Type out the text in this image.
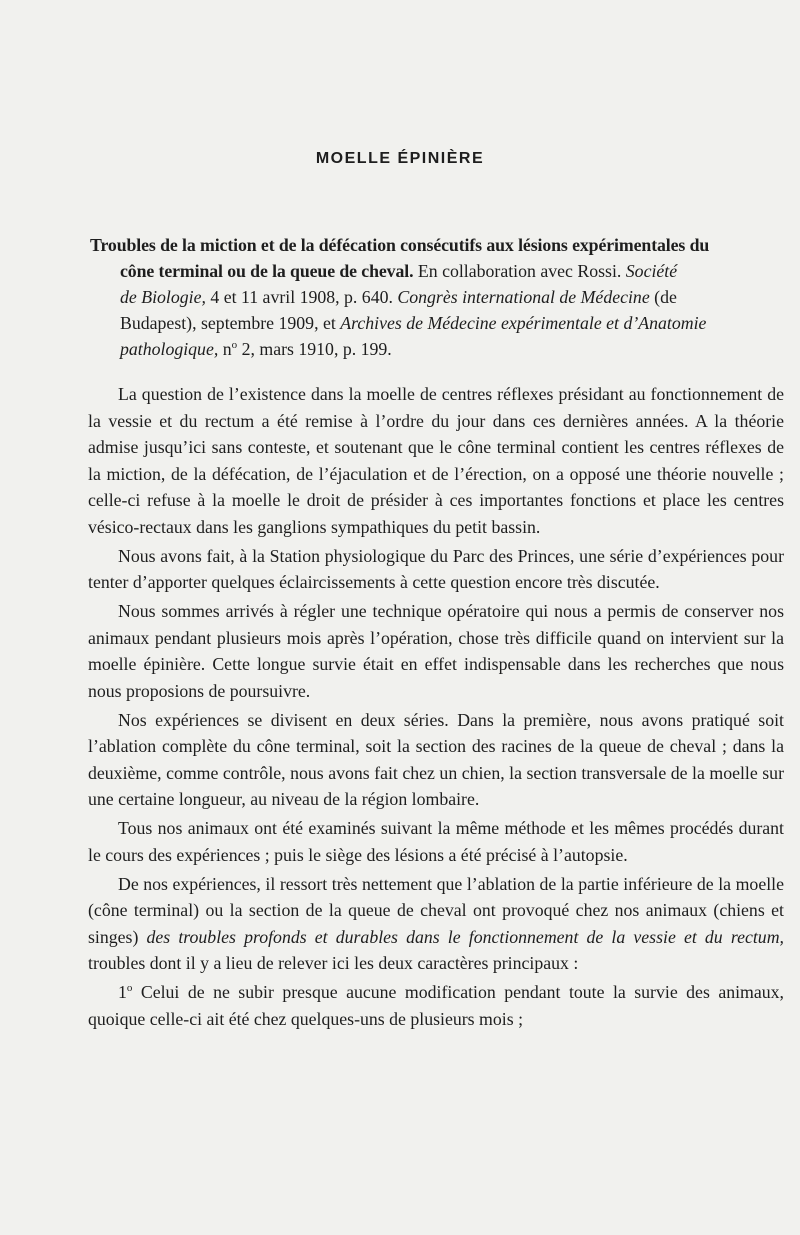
MOELLE ÉPINIÈRE
Troubles de la miction et de la défécation consécutifs aux lésions expérimentales du
cône terminal ou de la queue de cheval. En collaboration avec Rossi. Société
de Biologie, 4 et 11 avril 1908, p. 640. Congrès international de Médecine (de
Budapest), septembre 1909, et Archives de Médecine expérimentale et d’Anatomie
pathologique, $n^o$ 2, mars 1910, p. 199.

La question de l’existence dans la moelle de centres réflexes présidant au fonctionnement de la vessie et du rectum a été remise à l’ordre du jour dans ces dernières années. A la théorie admise jusqu’ici sans conteste, et soutenant que le cône terminal contient les centres réflexes de la miction, de la défécation, de l’éjaculation et de l’érection, on a opposé une théorie nouvelle ; celle-ci refuse à la moelle le droit de présider à ces importantes fonctions et place les centres vésico-rectaux dans les ganglions sympathiques du petit bassin.

Nous avons fait, à la Station physiologique du Parc des Princes, une série d’expériences pour tenter d’apporter quelques éclaircissements à cette question encore très discutée.

Nous sommes arrivés à régler une technique opératoire qui nous a permis de conserver nos animaux pendant plusieurs mois après l’opération, chose très difficile quand on intervient sur la moelle épinière. Cette longue survie était en effet indispensable dans les recherches que nous nous proposions de poursuivre.

Nos expériences se divisent en deux séries. Dans la première, nous avons pratiqué soit l’ablation complète du cône terminal, soit la section des racines de la queue de cheval ; dans la deuxième, comme contrôle, nous avons fait chez un chien, la section transversale de la moelle sur une certaine longueur, au niveau de la région lombaire.

Tous nos animaux ont été examinés suivant la même méthode et les mêmes procédés durant le cours des expériences ; puis le siège des lésions a été précisé à l’autopsie.

De nos expériences, il ressort très nettement que l’ablation de la partie inférieure de la moelle (cône terminal) ou la section de la queue de cheval ont provoqué chez nos animaux (chiens et singes) des troubles profonds et durables dans le fonctionnement de la vessie et du rectum, troubles dont il y a lieu de relever ici les deux caractères principaux :

1$^o$ Celui de ne subir presque aucune modification pendant toute la survie des animaux, quoique celle-ci ait été chez quelques-uns de plusieurs mois ;
